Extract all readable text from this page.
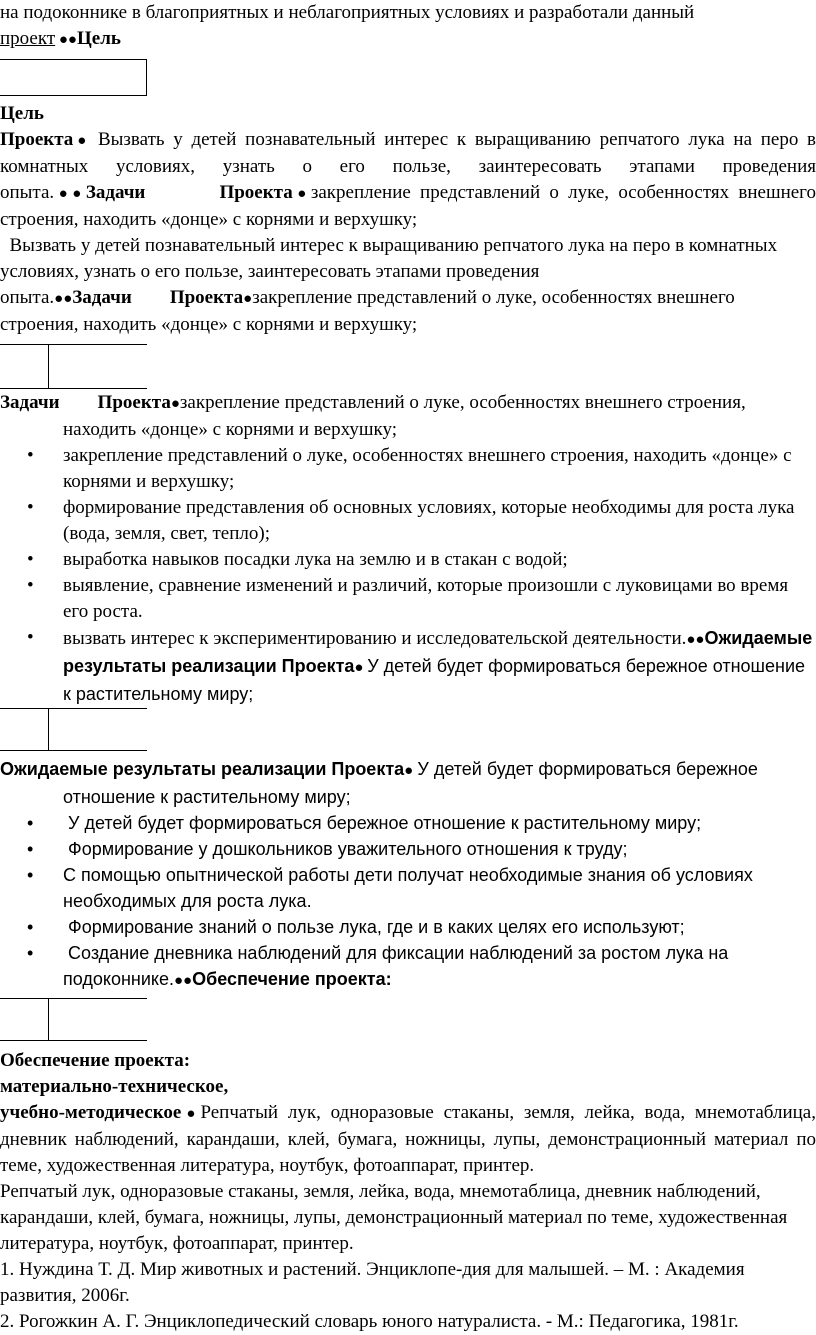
на подоконнике в благоприятных и неблагоприятных условиях и разработали данный

проект ●●Цель

Цель

Проекта● Вызвать у детей познавательный интерес к выращиванию репчатого лука на перо в комнатных условиях, узнать о его пользе, заинтересовать этапами проведения опыта.●●Задачи        Проекта●закрепление представлений о луке, особенностях внешнего строения, находить «донце» с корнями и верхушку;

Вызвать у детей познавательный интерес к выращиванию репчатого лука на перо в комнатных условиях, узнать о его пользе, заинтересовать этапами проведения опыта.●●Задачи        Проекта●закрепление представлений о луке, особенностях внешнего строения, находить «донце» с корнями и верхушку;

Задачи        Проекта●закрепление представлений о луке, особенностях внешнего строения, находить «донце» с корнями и верхушку;

• закрепление представлений о луке, особенностях внешнего строения, находить «донце» с корнями и верхушку;
• формирование представления об основных условиях, которые необходимы для роста лука (вода, земля, свет, тепло);
• выработка навыков посадки лука на землю и в стакан с водой;
• выявление, сравнение изменений и различий, которые произошли с луковицами во время его роста.
• вызвать интерес к экспериментированию и исследовательской деятельности.●●Ожидаемые результаты реализации Проекта● У детей будет формироваться бережное отношение к растительному миру;

Ожидаемые результаты реализации Проекта● У детей будет формироваться бережное отношение к растительному миру;

•  У детей будет формироваться бережное отношение к растительному миру;
•  Формирование у дошкольников уважительного отношения к труду;
• С помощью опытнической работы дети получат необходимые знания об условиях необходимых для роста лука.
•  Формирование знаний о пользе лука, где и в каких целях его используют;
•  Создание дневника наблюдений для фиксации наблюдений за ростом лука на подоконнике.●●Обеспечение проекта:

Обеспечение проекта:

материально-техническое,

учебно-методическое●Репчатый лук, одноразовые стаканы, земля, лейка, вода, мнемотаблица, дневник наблюдений, карандаши, клей, бумага, ножницы, лупы, демонстрационный материал по теме, художественная литература, ноутбук, фотоаппарат, принтер.

Репчатый лук, одноразовые стаканы, земля, лейка, вода, мнемотаблица, дневник наблюдений, карандаши, клей, бумага, ножницы, лупы, демонстрационный материал по теме, художественная литература, ноутбук, фотоаппарат, принтер.

1. Нуждина Т. Д. Мир животных и растений. Энциклопе-дия для малышей. – М. : Академия развития, 2006г.

2. Рогожкин А. Г. Энциклопедический словарь юного натуралиста. - М.: Педагогика, 1981г.
